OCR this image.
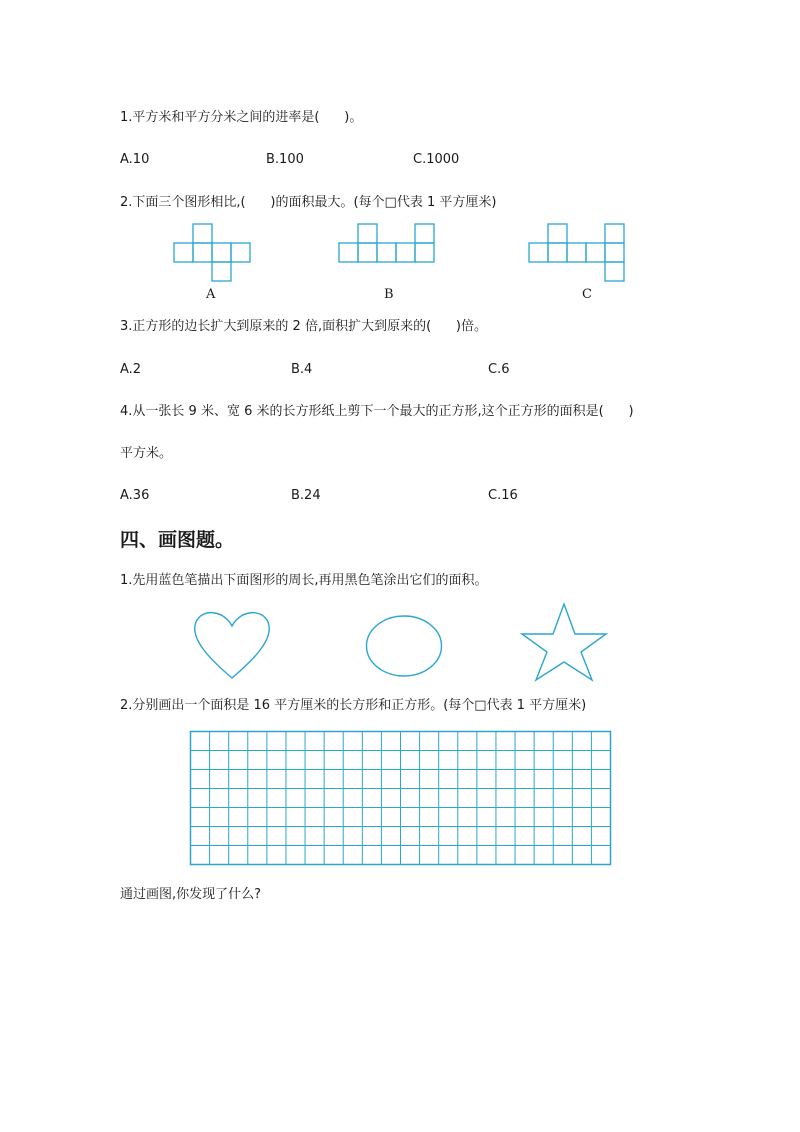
1.平方米和平方分米之间的进率是(      )。
A.10	B.100	C.1000
2.下面三个图形相比,(      )的面积最大。(每个□代表 1 平方厘米)
A	B	C
3.正方形的边长扩大到原来的 2 倍,面积扩大到原来的(      )倍。
A.2	B.4	C.6
4.从一张长 9 米、宽 6 米的长方形纸上剪下一个最大的正方形,这个正方形的面积是(      )
平方米。
A.36	B.24	C.16
四、画图题。
1.先用蓝色笔描出下面图形的周长,再用黑色笔涂出它们的面积。
2.分别画出一个面积是 16 平方厘米的长方形和正方形。(每个□代表 1 平方厘米)
通过画图,你发现了什么?
